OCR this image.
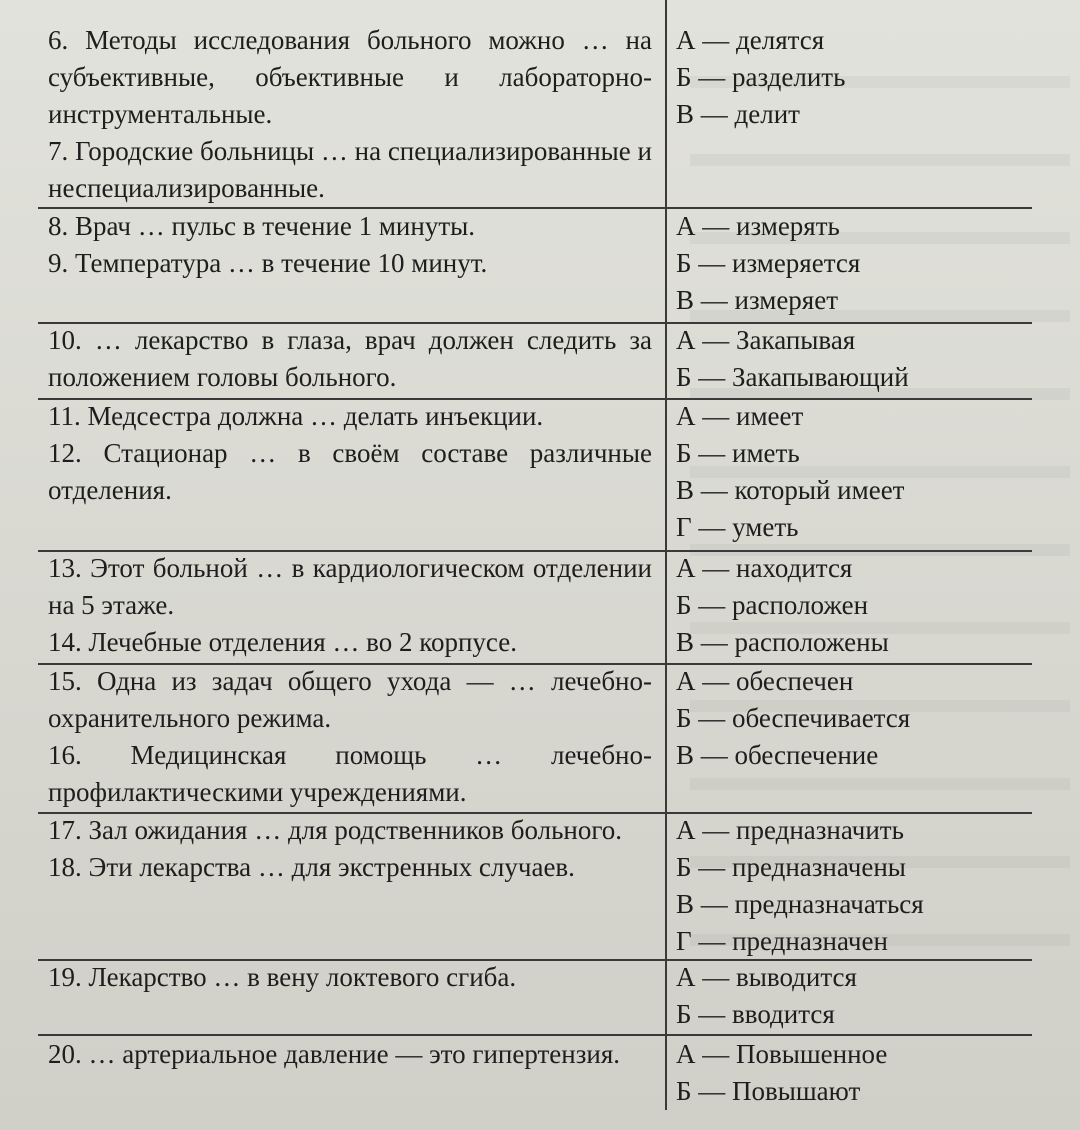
6. Методы исследования больного можно … на субъективные, объективные и лабораторно-инструментальные.

7. Городские больницы … на специализированные и неспециализированные.

А — делятся

Б — разделить

В — делит

8. Врач … пульс в течение 1 минуты.

9. Температура … в течение 10 минут.

А — измерять

Б — измеряется

В — измеряет

10. … лекарство в глаза, врач должен следить за положением головы больного.

А — Закапывая

Б — Закапывающий

11. Медсестра должна … делать инъекции.

12. Стационар … в своём составе различные отделения.

А — имеет

Б — иметь

В — который имеет

Г — уметь

13. Этот больной … в кардиологическом отделении на 5 этаже.

14. Лечебные отделения … во 2 корпусе.

А — находится

Б — расположен

В — расположены

15. Одна из задач общего ухода — … лечебно-охранительного режима.

16. Медицинская помощь … лечебно-профилактическими учреждениями.

А — обеспечен

Б — обеспечивается

В — обеспечение

17. Зал ожидания … для родственников больного.

18. Эти лекарства … для экстренных случаев.

А — предназначить

Б — предназначены

В — предназначаться

Г — предназначен

19. Лекарство … в вену локтевого сгиба.	А — выводится

Б — вводится

20. … артериальное давление — это гипертензия.	А — Повышенное

Б — Повышают
